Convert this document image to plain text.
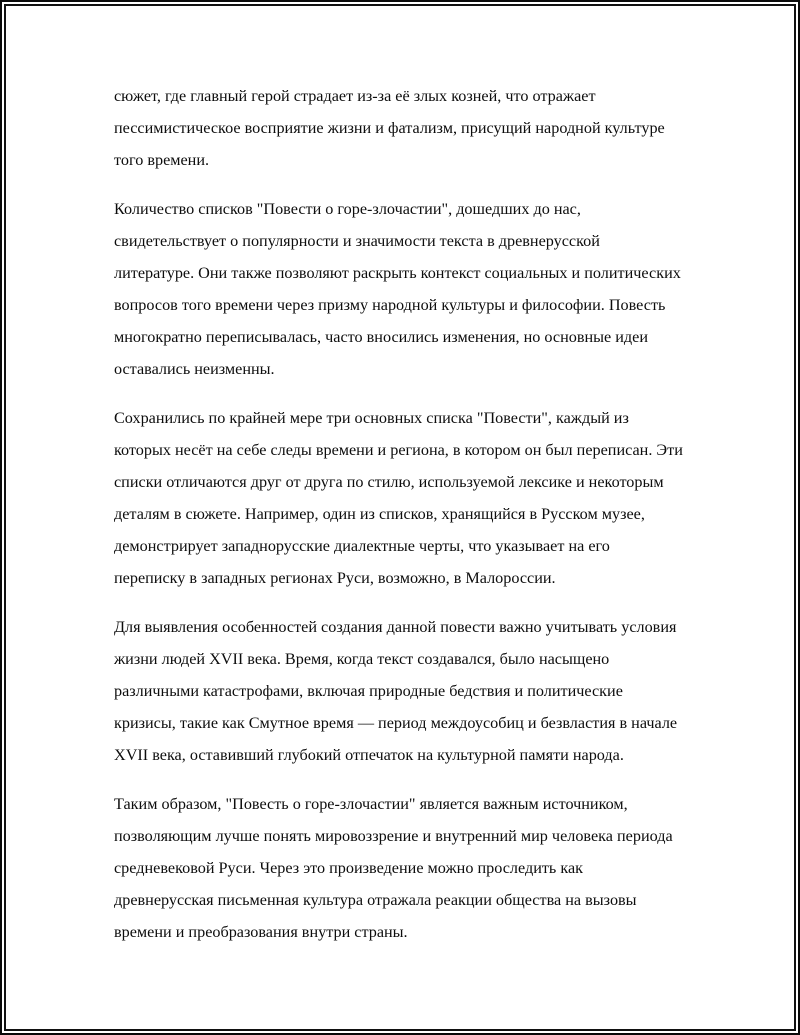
сюжет, где главный герой страдает из-за её злых козней, что отражает пессимистическое восприятие жизни и фатализм, присущий народной культуре того времени.

Количество списков "Повести о горе-злочастии", дошедших до нас, свидетельствует о популярности и значимости текста в древнерусской литературе. Они также позволяют раскрыть контекст социальных и политических вопросов того времени через призму народной культуры и философии. Повесть многократно переписывалась, часто вносились изменения, но основные идеи оставались неизменны.

Сохранились по крайней мере три основных списка "Повести", каждый из которых несёт на себе следы времени и региона, в котором он был переписан. Эти списки отличаются друг от друга по стилю, используемой лексике и некоторым деталям в сюжете. Например, один из списков, хранящийся в Русском музее, демонстрирует западнорусские диалектные черты, что указывает на его переписку в западных регионах Руси, возможно, в Малороссии.

Для выявления особенностей создания данной повести важно учитывать условия жизни людей XVII века. Время, когда текст создавался, было насыщено различными катастрофами, включая природные бедствия и политические кризисы, такие как Смутное время — период междоусобиц и безвластия в начале XVII века, оставивший глубокий отпечаток на культурной памяти народа.

Таким образом, "Повесть о горе-злочастии" является важным источником, позволяющим лучше понять мировоззрение и внутренний мир человека периода средневековой Руси. Через это произведение можно проследить как древнерусская письменная культура отражала реакции общества на вызовы времени и преобразования внутри страны.
